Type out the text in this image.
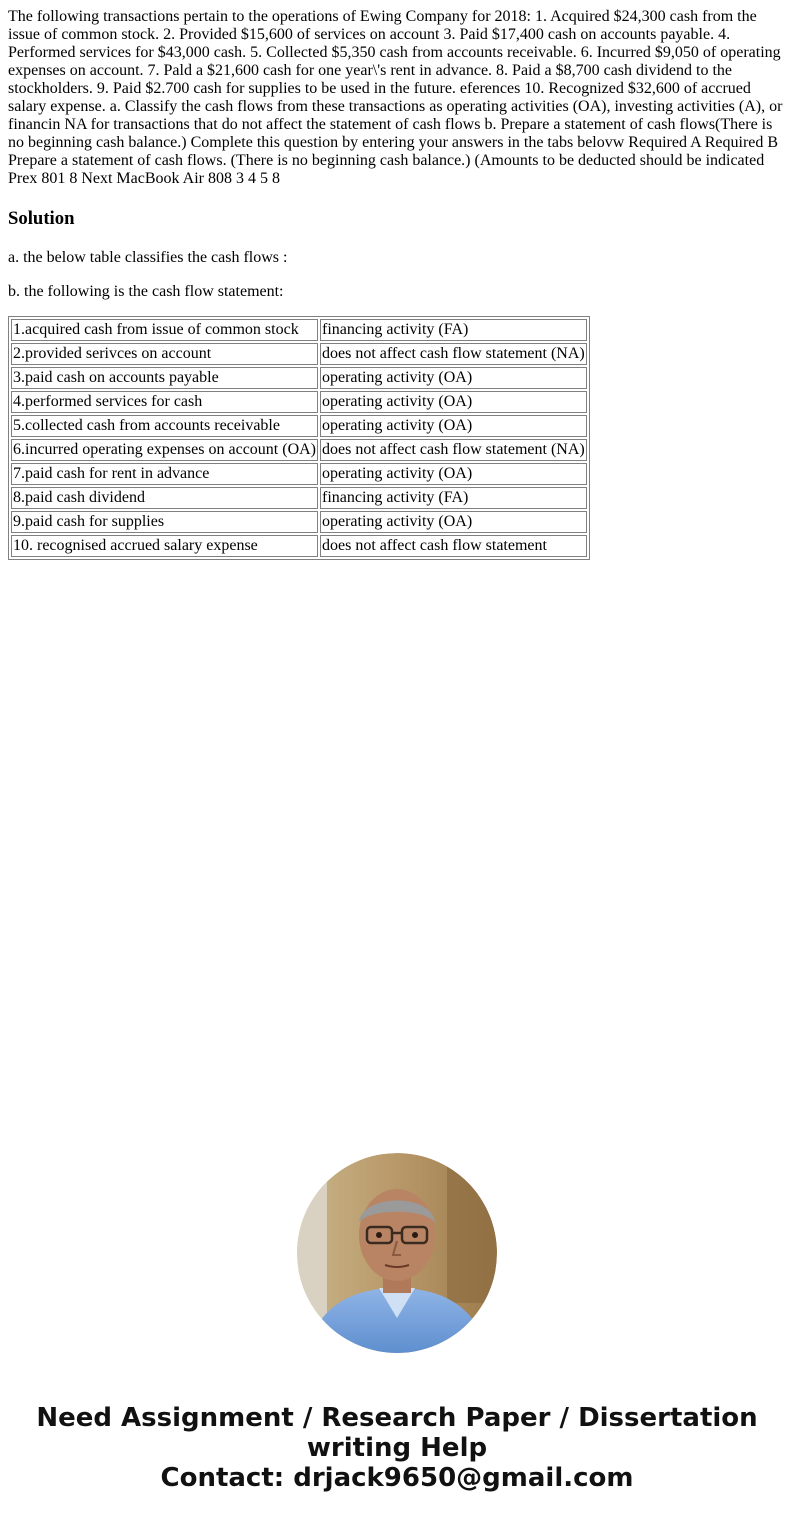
The following transactions pertain to the operations of Ewing Company for 2018: 1. Acquired $24,300 cash from the issue of common stock. 2. Provided $15,600 of services on account 3. Paid $17,400 cash on accounts payable. 4. Performed services for $43,000 cash. 5. Collected $5,350 cash from accounts receivable. 6. Incurred $9,050 of operating expenses on account. 7. Pald a $21,600 cash for one year\'s rent in advance. 8. Paid a $8,700 cash dividend to the stockholders. 9. Paid $2.700 cash for supplies to be used in the future. eferences 10. Recognized $32,600 of accrued salary expense. a. Classify the cash flows from these transactions as operating activities (OA), investing activities (A), or financin NA for transactions that do not affect the statement of cash flows b. Prepare a statement of cash flows(There is no beginning cash balance.) Complete this question by entering your answers in the tabs belovw Required A Required B Prepare a statement of cash flows. (There is no beginning cash balance.) (Amounts to be deducted should be indicated Prex 801 8 Next MacBook Air 808 3 4 5 8

Solution

a. the below table classifies the cash flows :

b. the following is the cash flow statement:

1.acquired cash from issue of common stock	financing activity (FA)
2.provided serivces on account	does not affect cash flow statement (NA)
3.paid cash on accounts payable	operating activity (OA)
4.performed services for cash	operating activity (OA)
5.collected cash from accounts receivable	operating activity (OA)
6.incurred operating expenses on account (OA)	does not affect cash flow statement (NA)
7.paid cash for rent in advance	operating activity (OA)
8.paid cash dividend	financing activity (FA)
9.paid cash for supplies	operating activity (OA)
10. recognised accrued salary expense	does not affect cash flow statement
Need Assignment / Research Paper / Dissertation
writing Help
Contact: drjack9650@gmail.com
